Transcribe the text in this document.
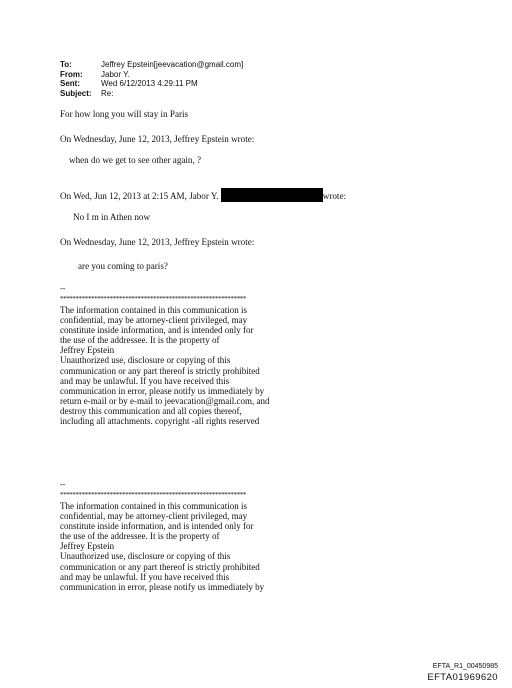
To:	Jeffrey Epstein[jeevacation@gmail.com]
From:	Jabor Y.
Sent:	Wed 6/12/2013 4:29:11 PM
Subject:	Re:
For how long you will stay in Paris
On Wednesday, June 12, 2013, Jeffrey Epstein wrote:
when do we get to see other again, ?
On Wed, Jun 12, 2013 at 2:15 AM, Jabor Y.	wrote:
No I m in Athen now
On Wednesday, June 12, 2013, Jeffrey Epstein wrote:
are you coming to paris?
--
************************************************************
The information contained in this communication is
confidential, may be attorney-client privileged, may
constitute inside information, and is intended only for
the use of the addressee. It is the property of
Jeffrey Epstein
Unauthorized use, disclosure or copying of this
communication or any part thereof is strictly prohibited
and may be unlawful. If you have received this
communication in error, please notify us immediately by
return e-mail or by e-mail to jeevacation@gmail.com, and
destroy this communication and all copies thereof,
including all attachments. copyright -all rights reserved
--
************************************************************
The information contained in this communication is
confidential, may be attorney-client privileged, may
constitute inside information, and is intended only for
the use of the addressee. It is the property of
Jeffrey Epstein
Unauthorized use, disclosure or copying of this
communication or any part thereof is strictly prohibited
and may be unlawful. If you have received this
communication in error, please notify us immediately by
EFTA_R1_00450985
EFTA01969620
